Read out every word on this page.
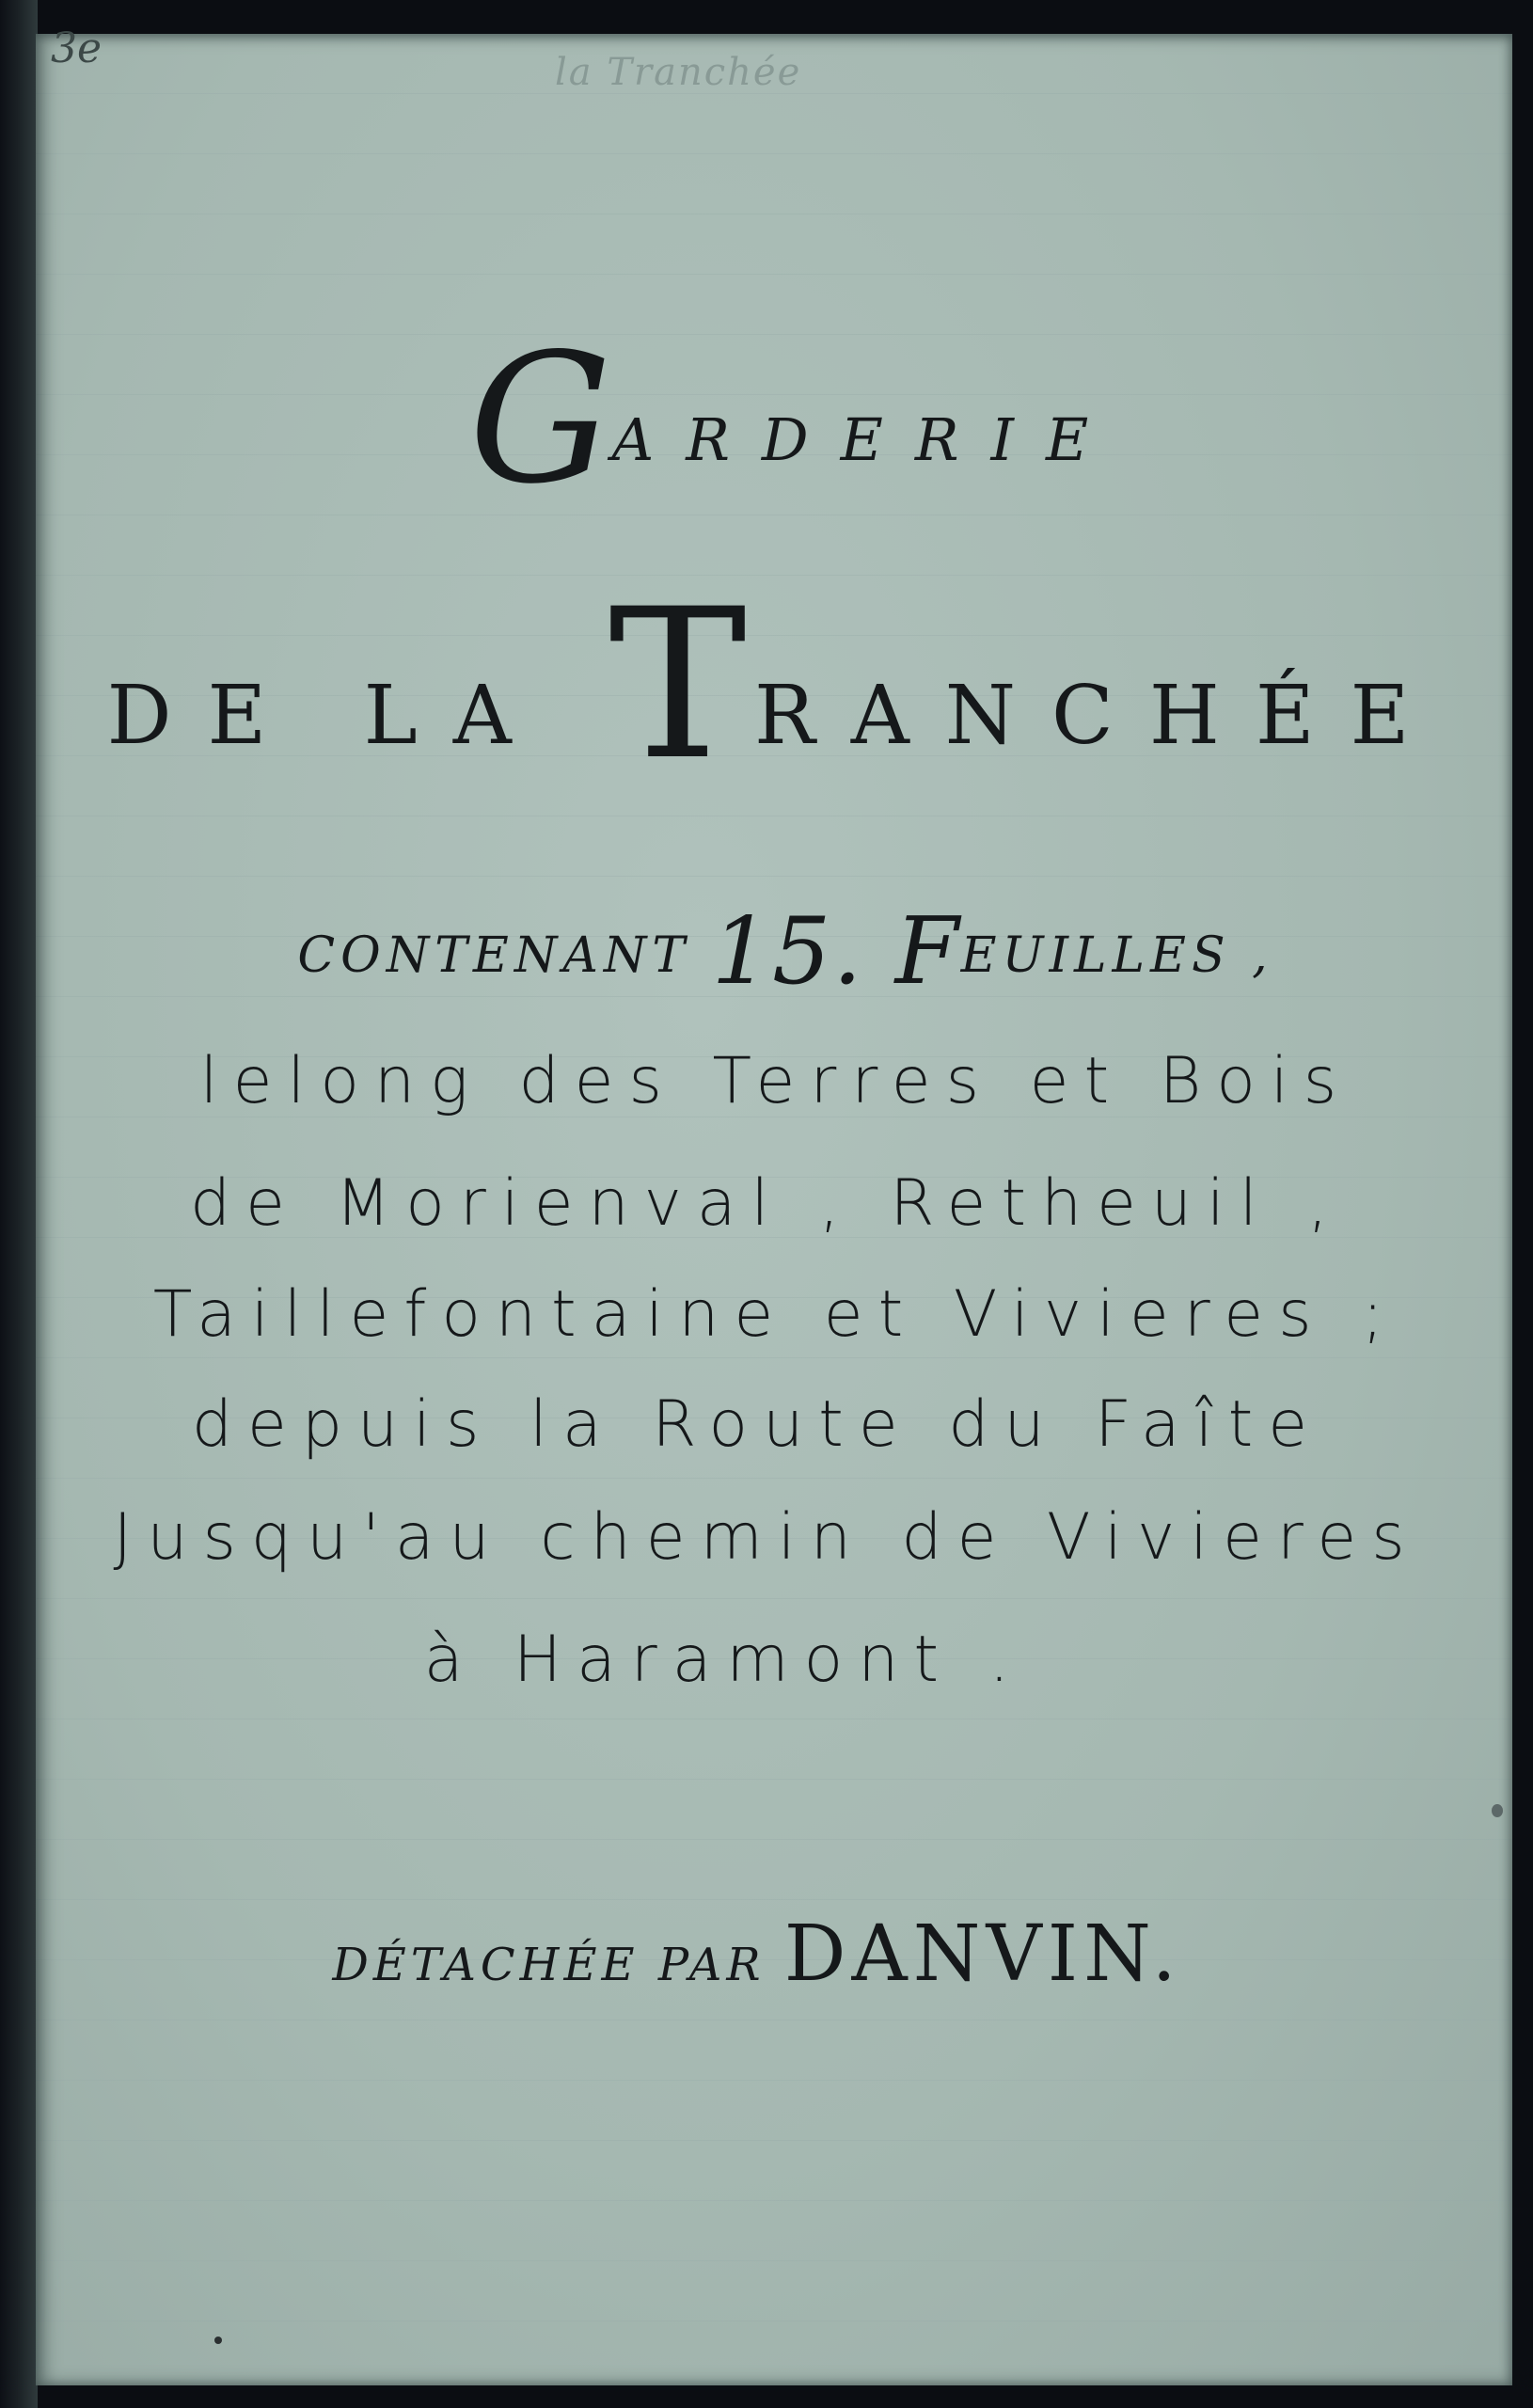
3e	la Tranchée
GARDERIE
DE LA TRANCHÉE
CONTENANT 15. FEUILLES ,
lelong des Terres et Bois
de Morienval , Retheuil ,
Taillefontaine et Vivieres ;
depuis la Route du Faîte
Jusqu'au chemin de Vivieres
à Haramont .
DÉTACHÉE PAR DANVIN.
